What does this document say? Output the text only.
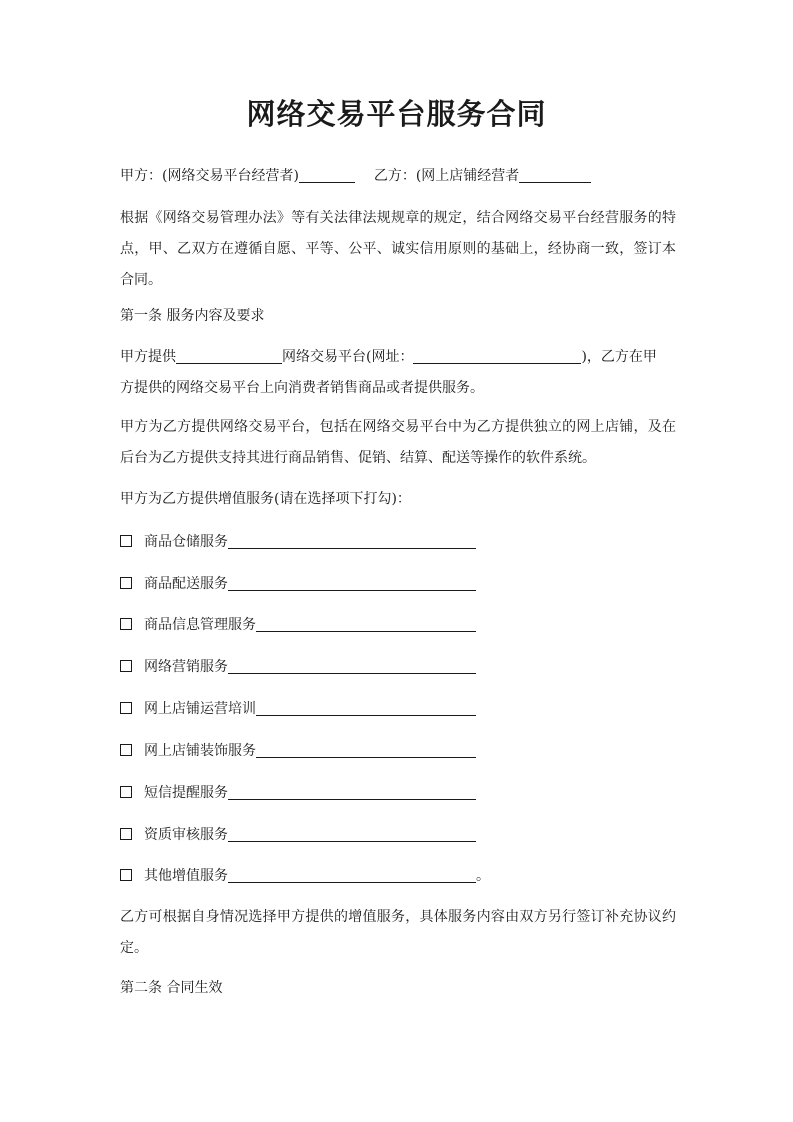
网络交易平台服务合同
甲方：(网络交易平台经营者)	乙方：(网上店铺经营者
根据《网络交易管理办法》等有关法律法规规章的规定，结合网络交易平台经营服务的特点，甲、乙双方在遵循自愿、平等、公平、诚实信用原则的基础上，经协商一致，签订本合同。
第一条 服务内容及要求
甲方提供	网络交易平台(网址：	)，乙方在甲
方提供的网络交易平台上向消费者销售商品或者提供服务。
甲方为乙方提供网络交易平台，包括在网络交易平台中为乙方提供独立的网上店铺，及在后台为乙方提供支持其进行商品销售、促销、结算、配送等操作的软件系统。
甲方为乙方提供增值服务(请在选择项下打勾)：
商品仓储服务
商品配送服务
商品信息管理服务
网络营销服务
网上店铺运营培训
网上店铺装饰服务
短信提醒服务
资质审核服务
其他增值服务	。
乙方可根据自身情况选择甲方提供的增值服务，具体服务内容由双方另行签订补充协议约定。
第二条 合同生效
